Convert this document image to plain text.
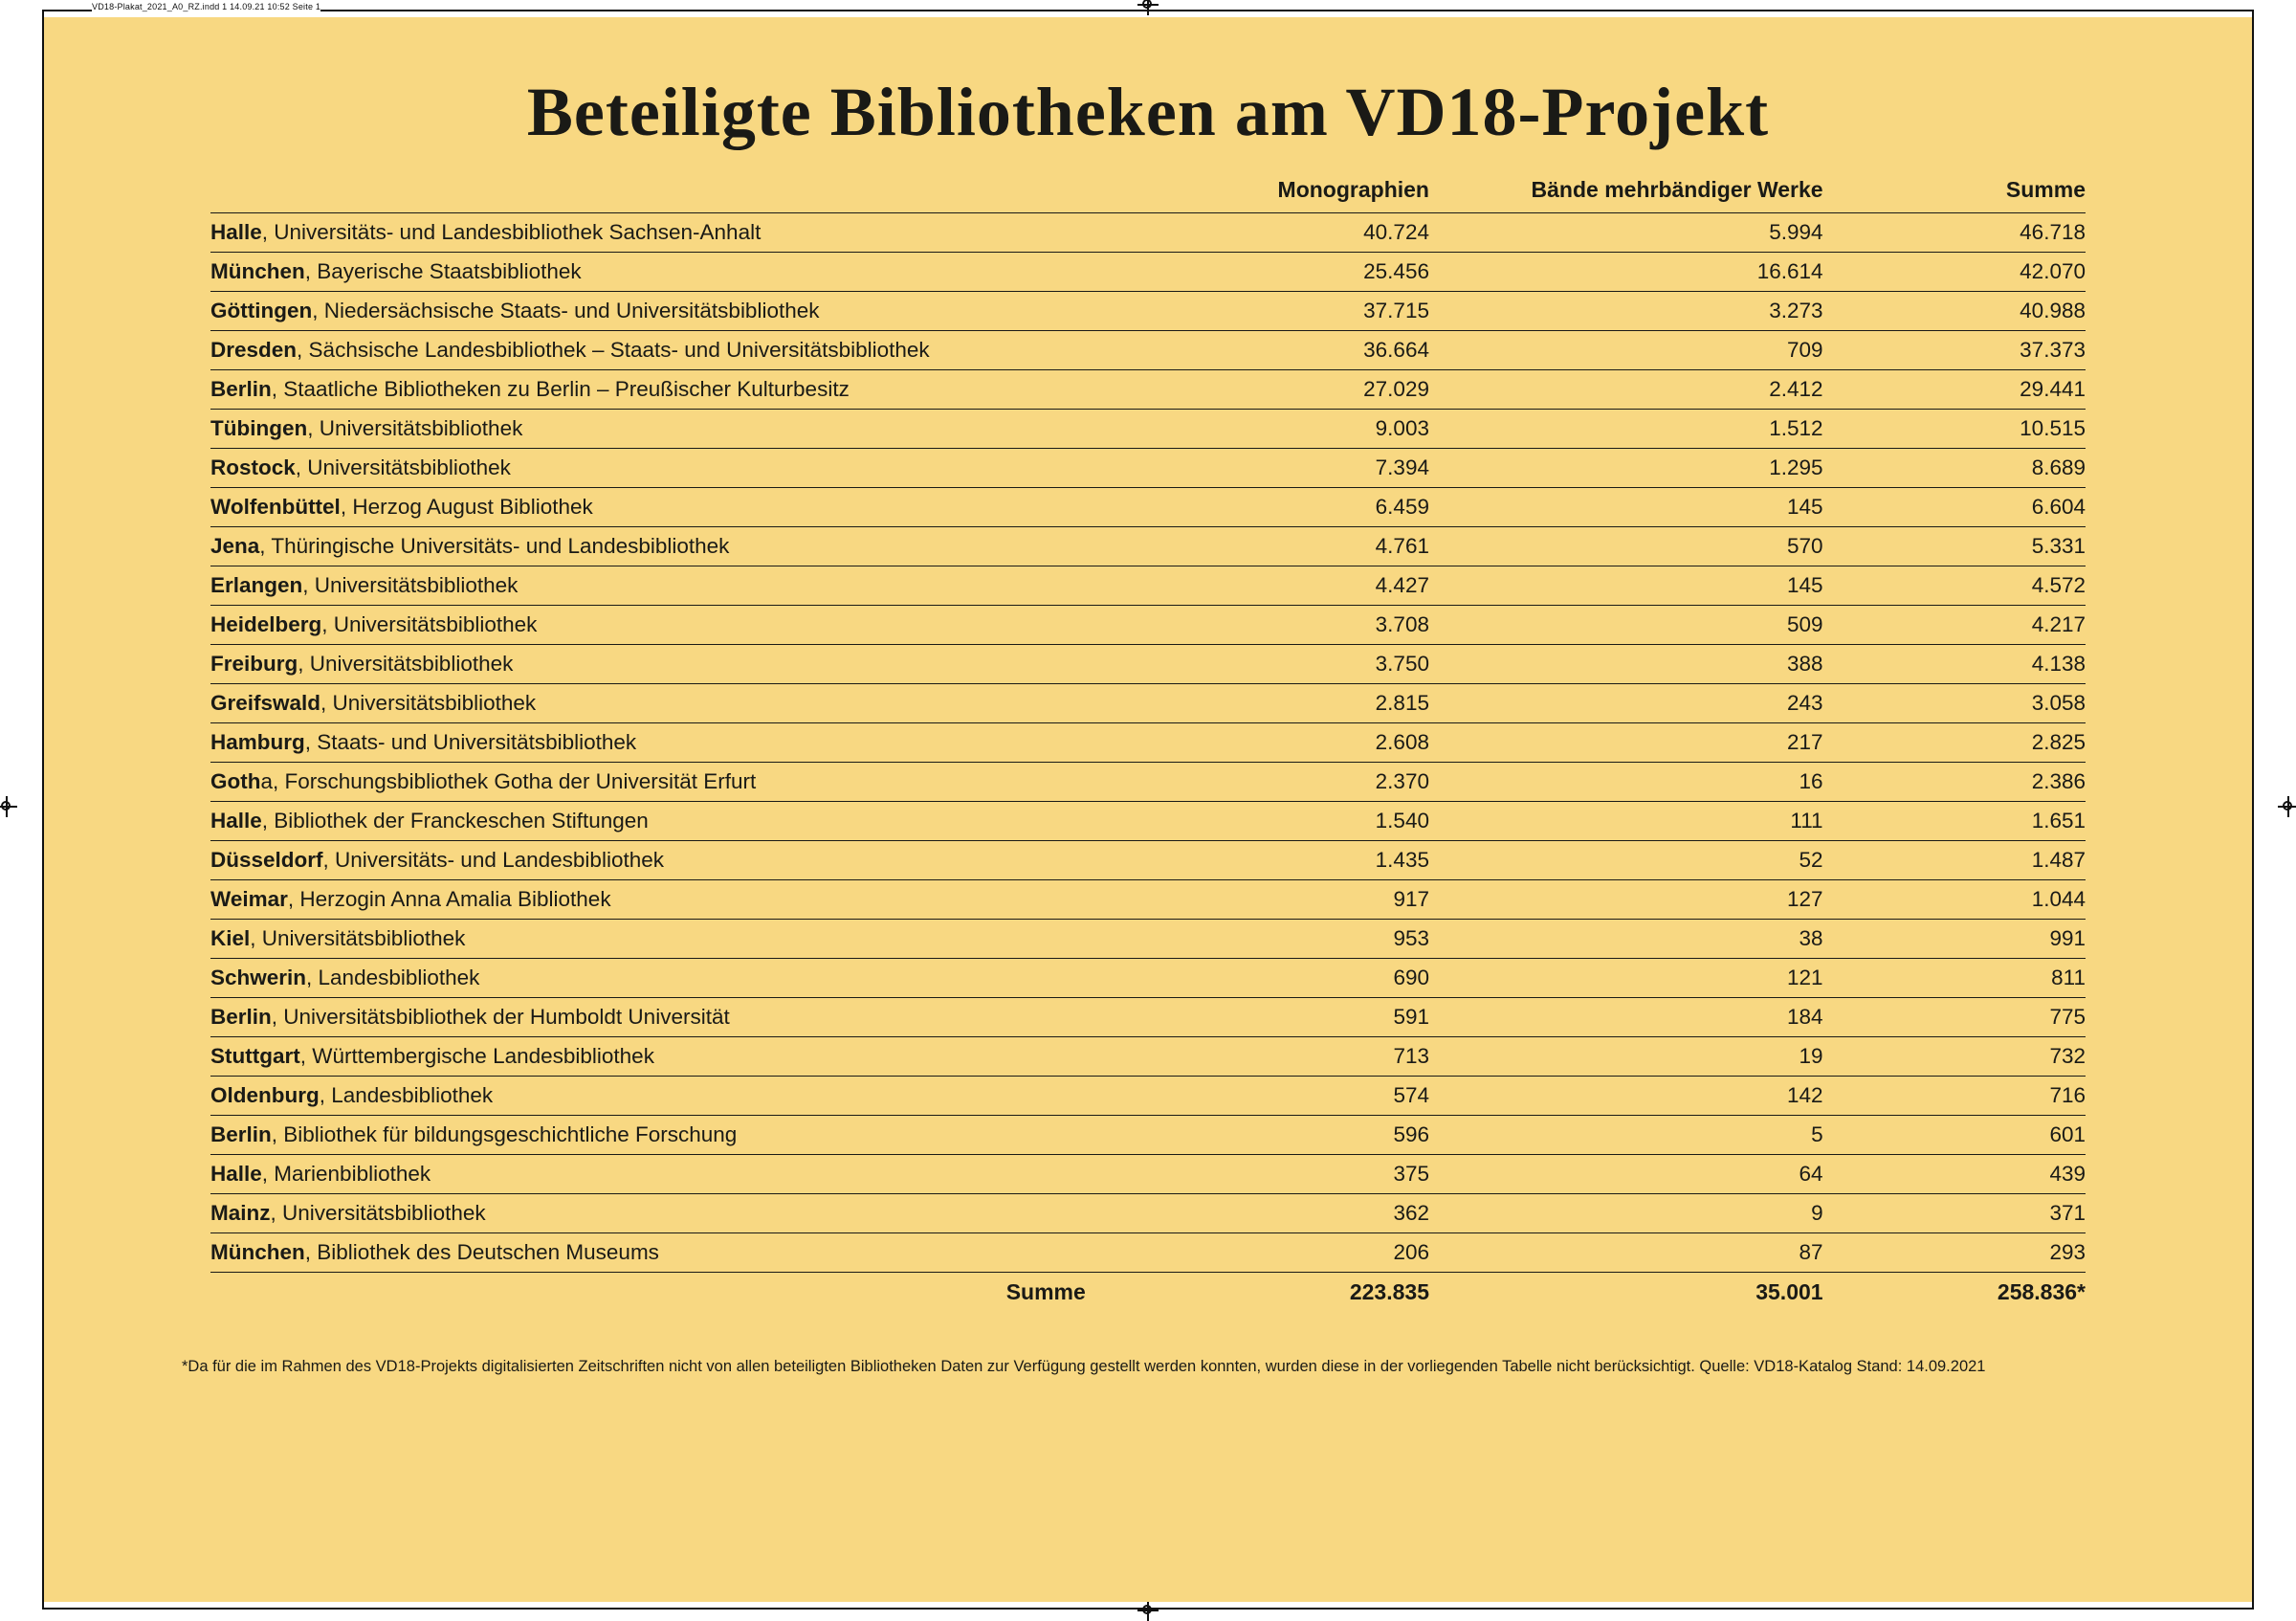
VD18-Plakat_2021_A0_RZ.indd 1 14.09.21 10:52 Seite 1
Beteiligte Bibliotheken am VD18-Projekt
	Monographien	Bände mehrbändiger Werke	Summe
Halle, Universitäts- und Landesbibliothek Sachsen-Anhalt	40.724	5.994	46.718
München, Bayerische Staatsbibliothek	25.456	16.614	42.070
Göttingen, Niedersächsische Staats- und Universitätsbibliothek	37.715	3.273	40.988
Dresden, Sächsische Landesbibliothek – Staats- und Universitätsbibliothek	36.664	709	37.373
Berlin, Staatliche Bibliotheken zu Berlin – Preußischer Kulturbesitz	27.029	2.412	29.441
Tübingen, Universitätsbibliothek	9.003	1.512	10.515
Rostock, Universitätsbibliothek	7.394	1.295	8.689
Wolfenbüttel, Herzog August Bibliothek	6.459	145	6.604
Jena, Thüringische Universitäts- und Landesbibliothek	4.761	570	5.331
Erlangen, Universitätsbibliothek	4.427	145	4.572
Heidelberg, Universitätsbibliothek	3.708	509	4.217
Freiburg, Universitätsbibliothek	3.750	388	4.138
Greifswald, Universitätsbibliothek	2.815	243	3.058
Hamburg, Staats- und Universitätsbibliothek	2.608	217	2.825
Gotha, Forschungsbibliothek Gotha der Universität Erfurt	2.370	16	2.386
Halle, Bibliothek der Franckeschen Stiftungen	1.540	111	1.651
Düsseldorf, Universitäts- und Landesbibliothek	1.435	52	1.487
Weimar, Herzogin Anna Amalia Bibliothek	917	127	1.044
Kiel, Universitätsbibliothek	953	38	991
Schwerin, Landesbibliothek	690	121	811
Berlin, Universitätsbibliothek der Humboldt Universität	591	184	775
Stuttgart, Württembergische Landesbibliothek	713	19	732
Oldenburg, Landesbibliothek	574	142	716
Berlin, Bibliothek für bildungsgeschichtliche Forschung	596	5	601
Halle, Marienbibliothek	375	64	439
Mainz, Universitätsbibliothek	362	9	371
München, Bibliothek des Deutschen Museums	206	87	293
Summe	223.835	35.001	258.836*
*Da für die im Rahmen des VD18-Projekts digitalisierten Zeitschriften nicht von allen beteiligten Bibliotheken Daten zur Verfügung gestellt werden konnten, wurden diese in der vorliegenden Tabelle nicht berücksichtigt. Quelle: VD18-Katalog Stand: 14.09.2021
